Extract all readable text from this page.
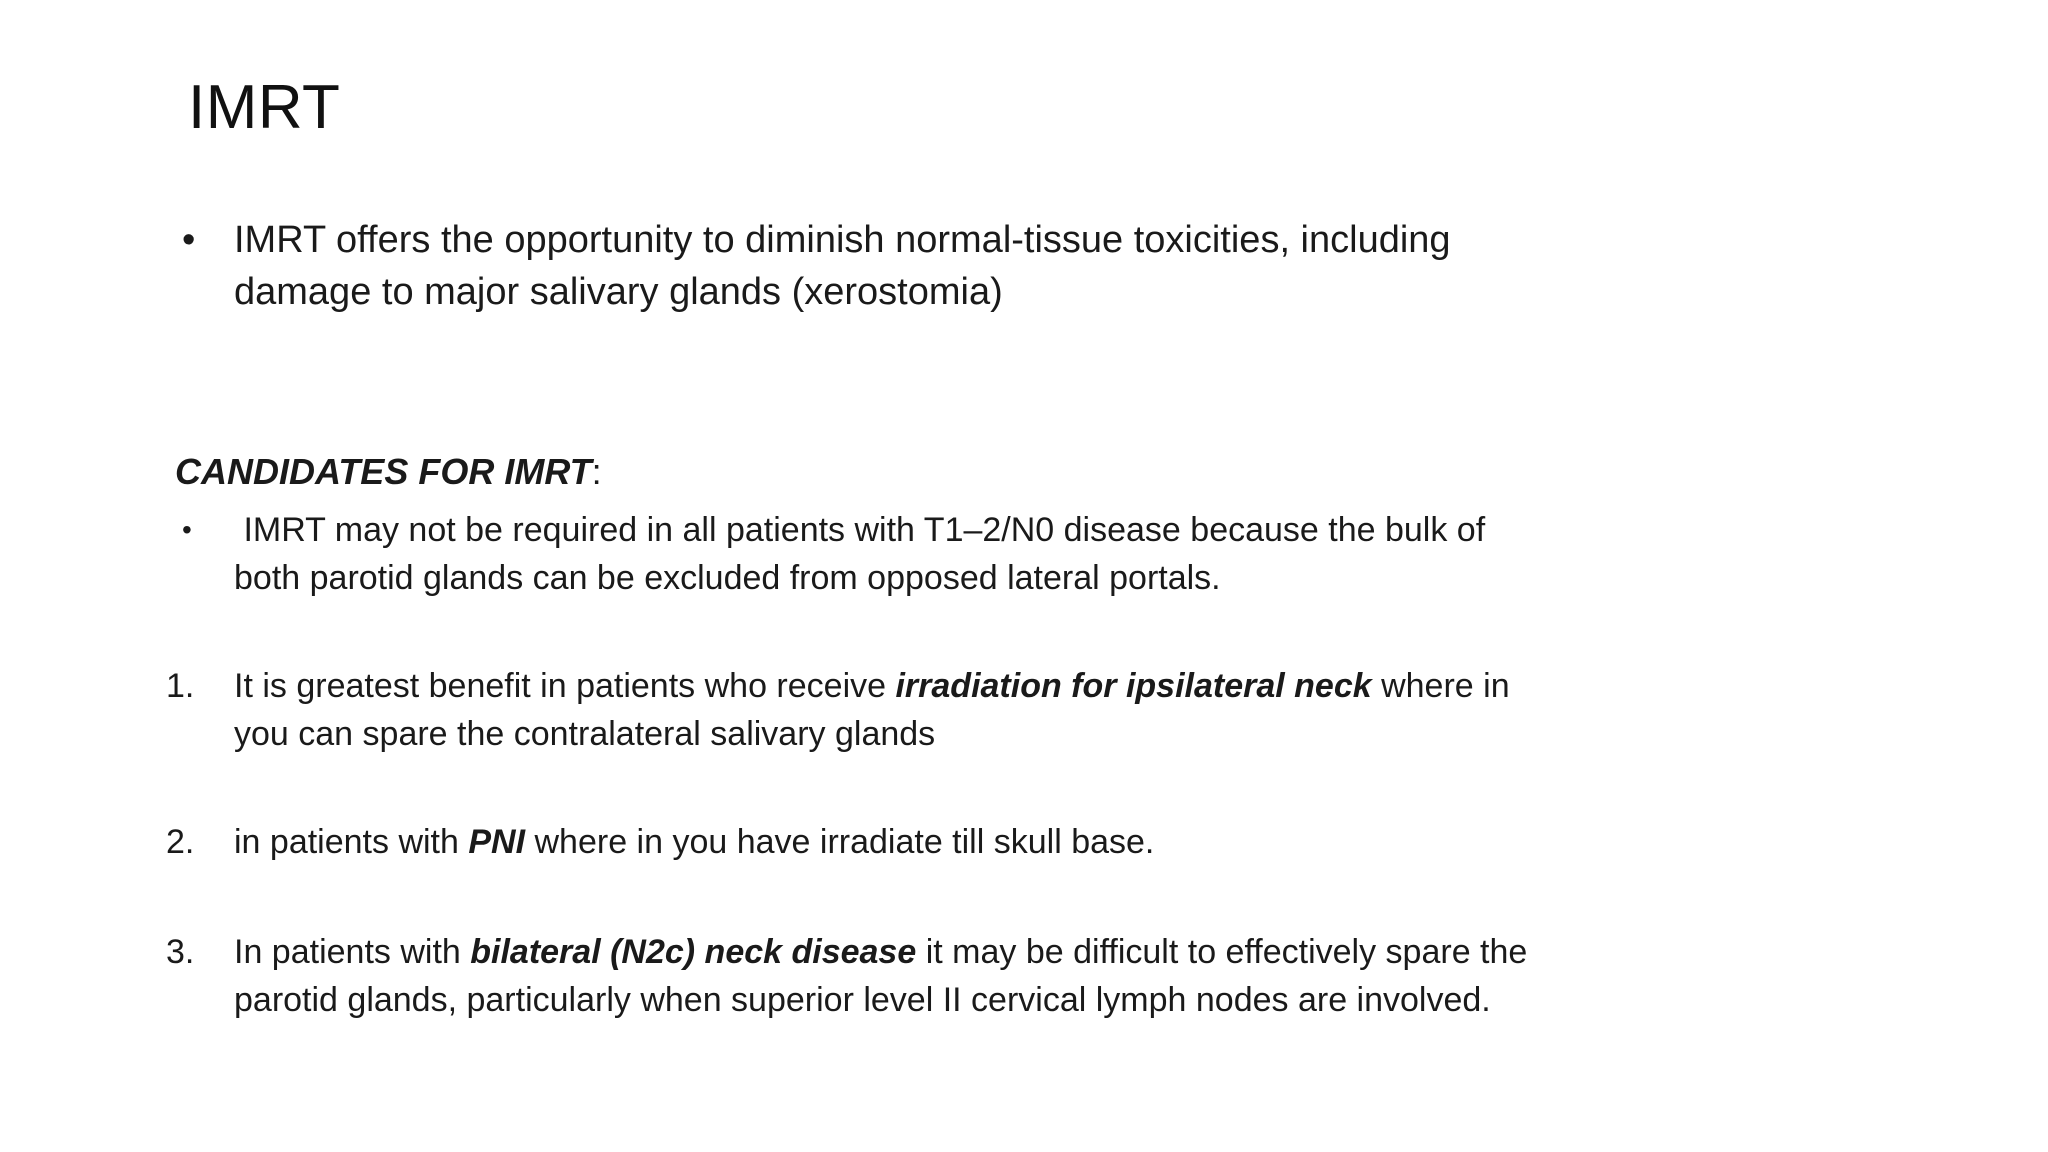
IMRT
•	IMRT offers the opportunity to diminish normal-tissue toxicities, including
damage to major salivary glands (xerostomia)
CANDIDATES FOR IMRT:
•	IMRT may not be required in all patients with T1–2/N0 disease because the bulk of
both parotid glands can be excluded from opposed lateral portals.
1.	It is greatest benefit in patients who receive irradiation for ipsilateral neck where in
you can spare the contralateral salivary glands
2.	in patients with PNI where in you have irradiate till skull base.
3.	In patients with bilateral (N2c) neck disease it may be difficult to effectively spare the
parotid glands, particularly when superior level II cervical lymph nodes are involved.
